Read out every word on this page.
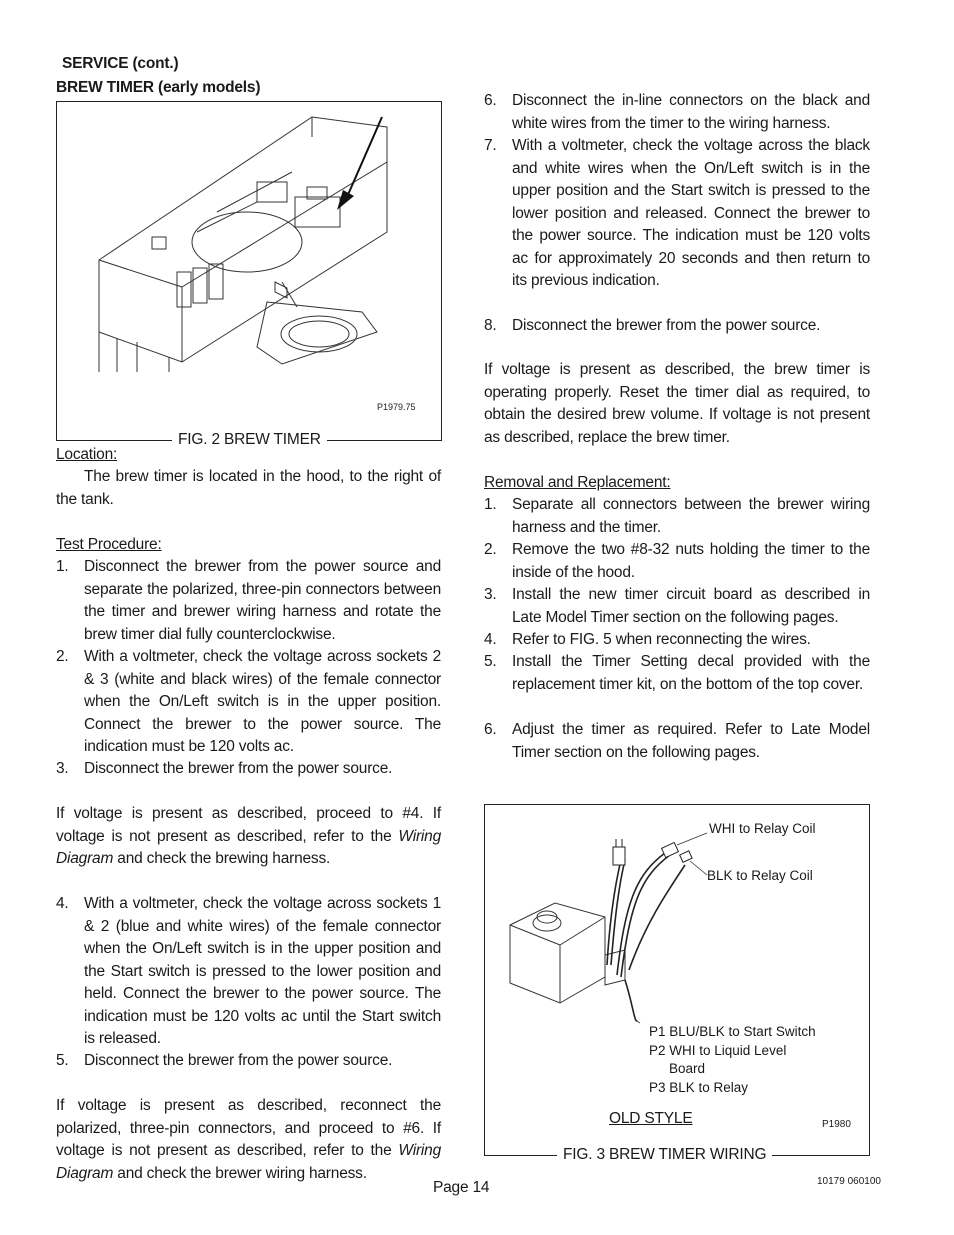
SERVICE (cont.)
BREW TIMER (early models)
P1979.75
FIG. 2 BREW TIMER
Location:
The brew timer is located in the hood, to the right of the tank.
Test Procedure:
1. Disconnect the brewer from the power source and separate the polarized, three-pin connectors between the timer and brewer wiring harness and rotate the brew timer dial fully counterclockwise.
2. With a voltmeter, check the voltage across sockets 2 & 3 (white and black wires) of the female connector when the On/Left switch is in the upper position. Connect the brewer to the power source. The indication must be 120 volts ac.
3. Disconnect the brewer from the power source.
If voltage is present as described, proceed to #4. If voltage is not present as described, refer to the Wiring Diagram and check the brewing harness.
4. With a voltmeter, check the voltage across sockets 1 & 2 (blue and white wires) of the female connector when the On/Left switch is in the upper position and the Start switch is pressed to the lower position and held. Connect the brewer to the power source. The indication must be 120 volts ac until the Start switch is released.
5. Disconnect the brewer from the power source.
If voltage is present as described, reconnect the polarized, three-pin connectors, and proceed to #6. If voltage is not present as described, refer to the Wiring Diagram and check the brewer wiring harness.
6. Disconnect the in-line connectors on the black and white wires from the timer to the wiring harness.
7. With a voltmeter, check the voltage across the black and white wires when the On/Left switch is in the upper position and the Start switch is pressed to the lower position and released. Connect the brewer to the power source. The indication must be 120 volts ac for approximately 20 seconds and then return to its previous indication.
8. Disconnect the brewer from the power source.
If voltage is present as described, the brew timer is operating properly. Reset the timer dial as required, to obtain the desired brew volume. If voltage is not present as described, replace the brew timer.
Removal and Replacement:
1. Separate all connectors between the brewer wiring harness and the timer.
2. Remove the two #8-32 nuts holding the timer to the inside of the hood.
3. Install the new timer circuit board as described in Late Model Timer section on the following pages.
4. Refer to FIG. 5 when reconnecting the wires.
5. Install the Timer Setting decal provided with the replacement timer kit, on the bottom of the top cover.
6. Adjust the timer as required. Refer to Late Model Timer section on the following pages.
WHI to Relay Coil
BLK to Relay Coil
P1 BLU/BLK to Start Switch
P2 WHI to Liquid Level
Board
P3 BLK to Relay
OLD STYLE	P1980
FIG. 3 BREW TIMER WIRING
Page 14	10179 060100
